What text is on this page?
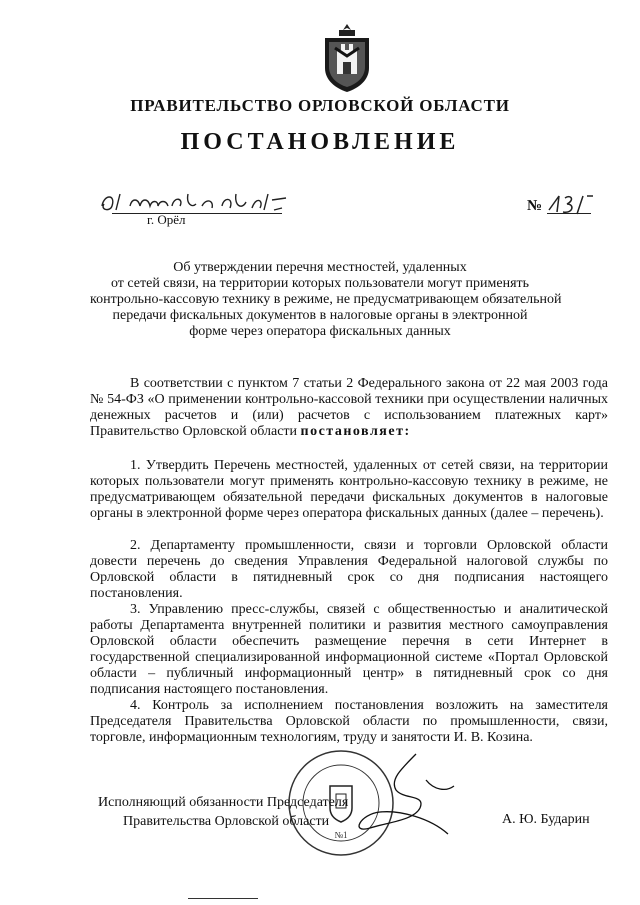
ПРАВИТЕЛЬСТВО ОРЛОВСКОЙ ОБЛАСТИ
ПОСТАНОВЛЕНИЕ
г. Орёл
№
Об утверждении перечня местностей, удаленных
от сетей связи, на территории которых пользователи могут применять
контрольно-кассовую технику в режиме, не предусматривающем обязательной
передачи фискальных документов в налоговые органы в электронной
форме через оператора фискальных данных

В соответствии с пунктом 7 статьи 2 Федерального закона от 22 мая 2003 года № 54-ФЗ «О применении контрольно-кассовой техники при осуществлении наличных денежных расчетов и (или) расчетов с использованием платежных карт» Правительство Орловской области постановляет:

1. Утвердить Перечень местностей, удаленных от сетей связи, на территории которых пользователи могут применять контрольно-кассовую технику в режиме, не предусматривающем обязательной передачи фискальных документов в налоговые органы в электронной форме через оператора фискальных данных (далее – перечень).

2. Департаменту промышленности, связи и торговли Орловской области довести перечень до сведения Управления Федеральной налоговой службы по Орловской области в пятидневный срок со дня подписания настоящего постановления.

3. Управлению пресс-службы, связей с общественностью и аналитической работы Департамента внутренней политики и развития местного самоуправления Орловской области обеспечить размещение перечня в сети Интернет в государственной специализированной информационной системе «Портал Орловской области – публичный информационный центр» в пятидневный срок со дня подписания настоящего постановления.

4. Контроль за исполнением постановления возложить на заместителя Председателя Правительства Орловской области по промышленности, связи, торговле, информационным технологиям, труду и занятости И. В. Козина.

№1
Исполняющий обязанности Председателя
Правительства Орловской области	А. Ю. Бударин
